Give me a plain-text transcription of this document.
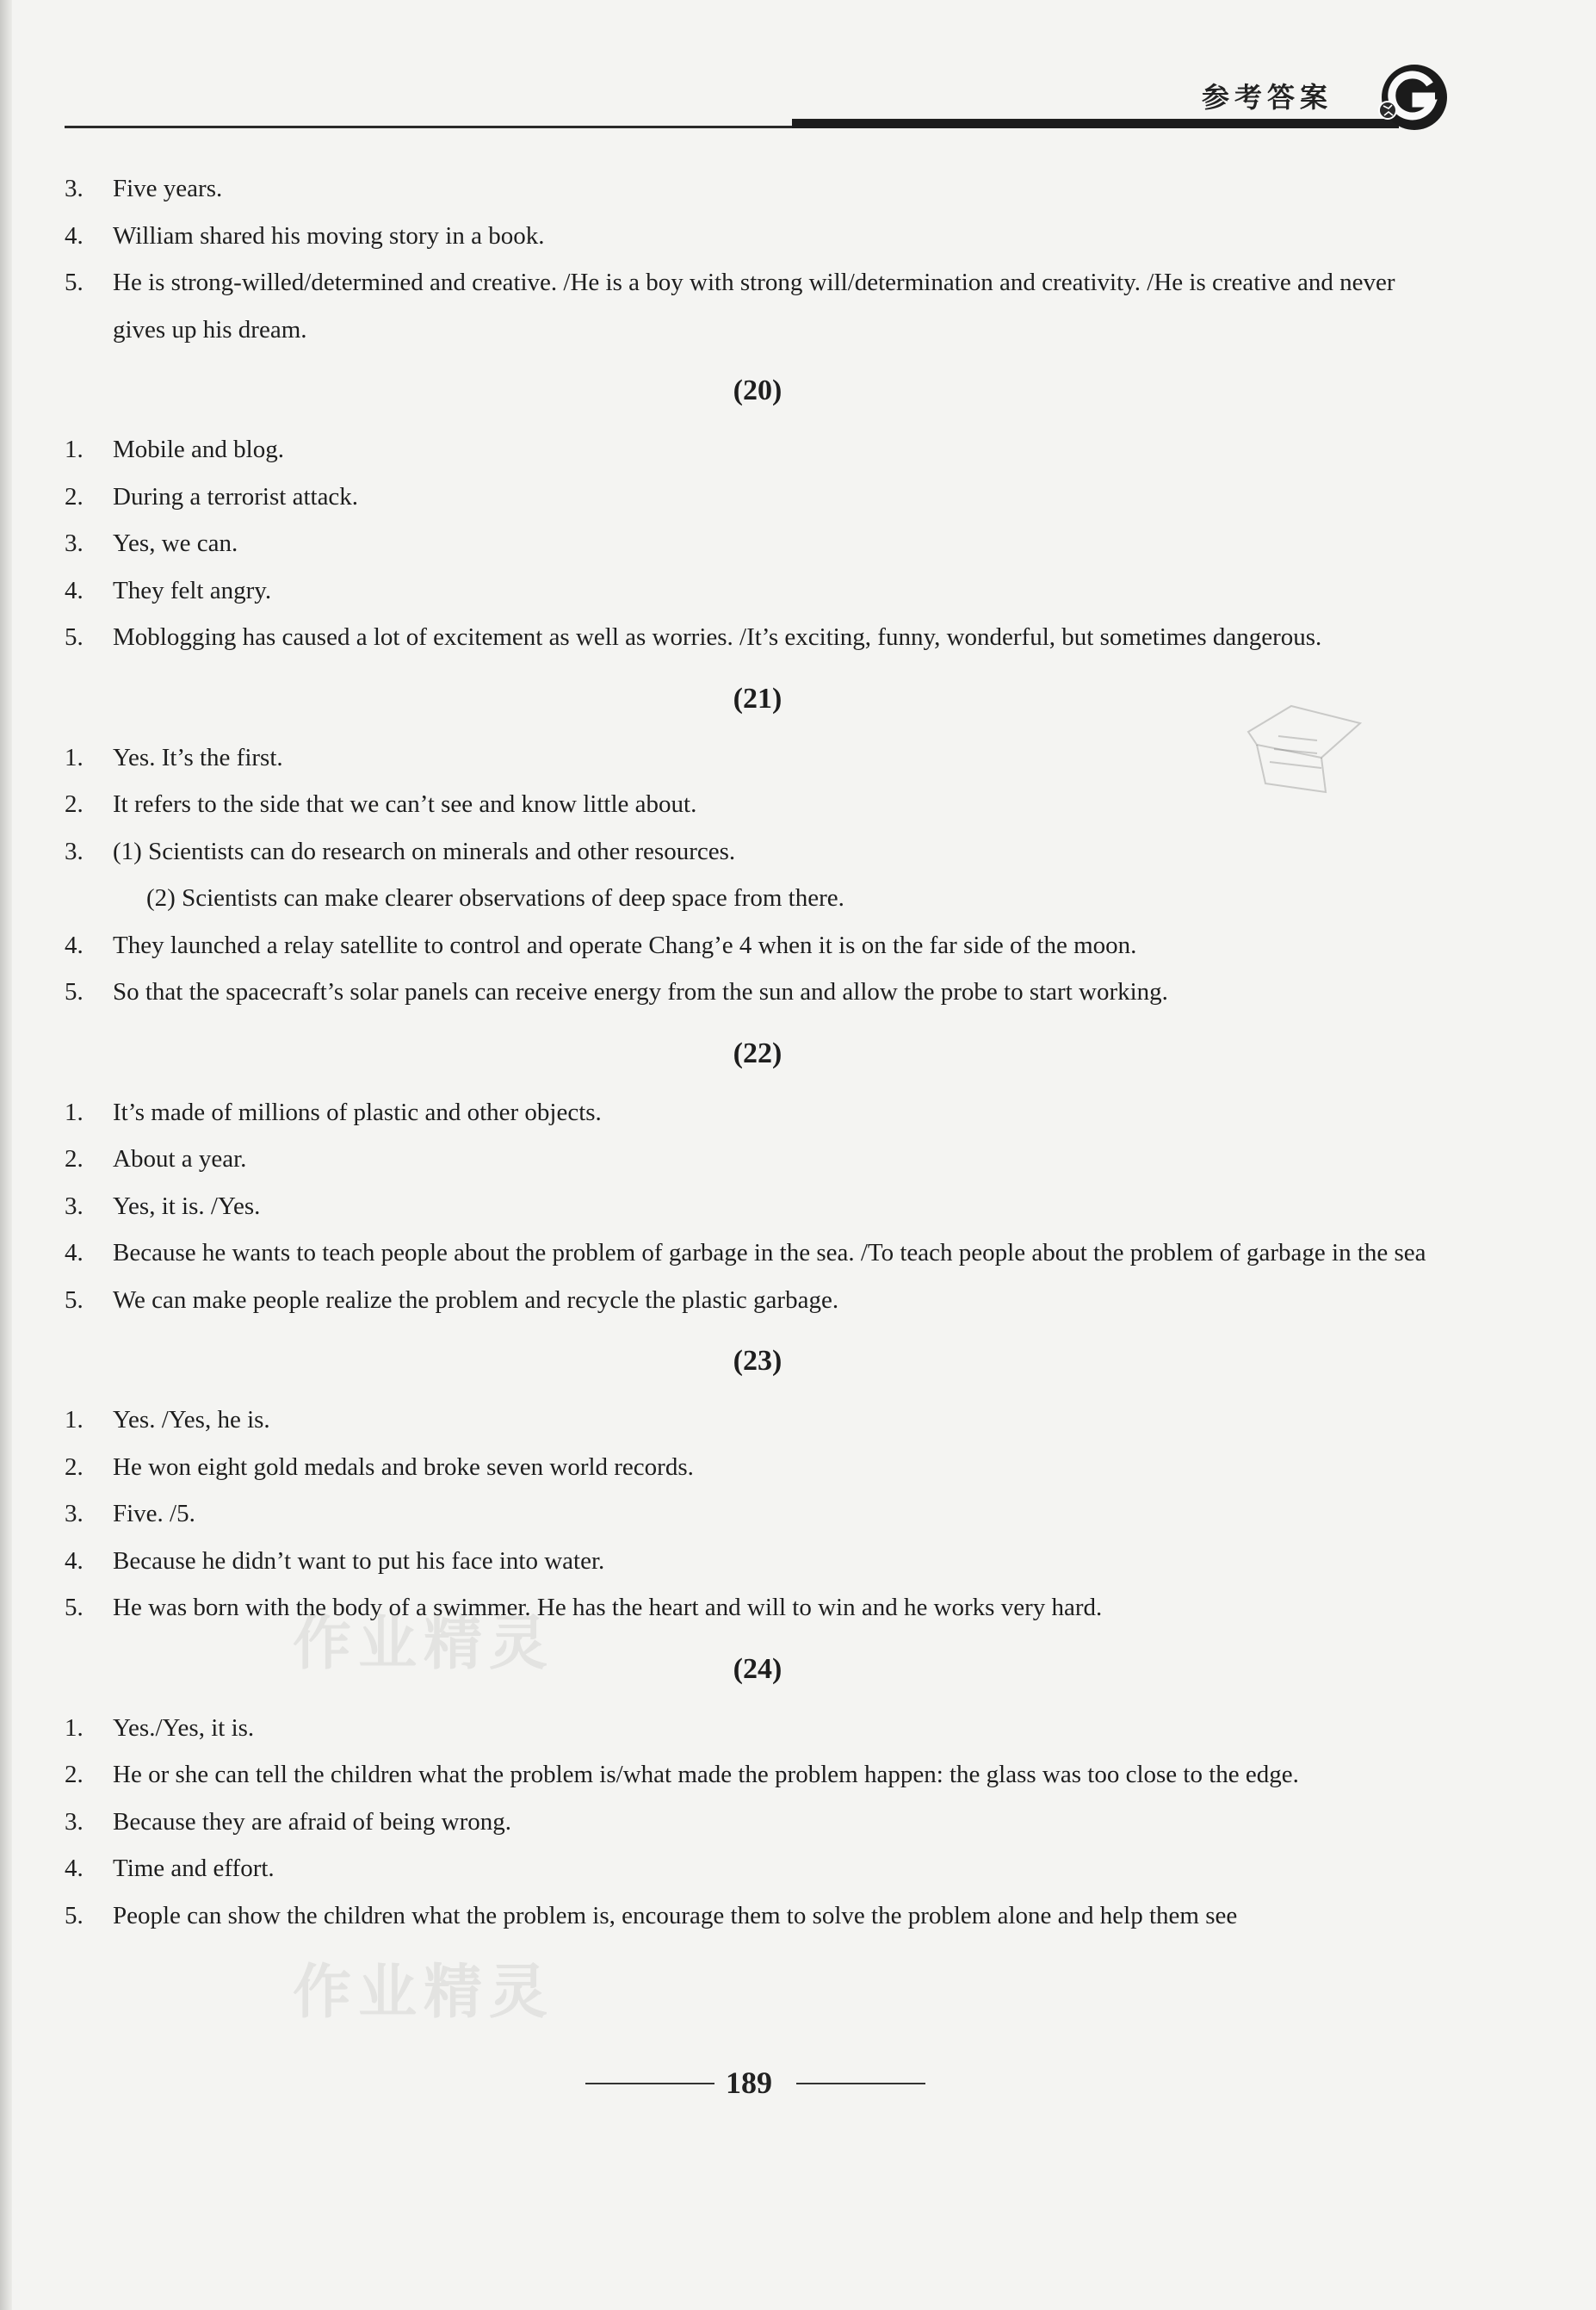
参考答案
作业精灵
作业精灵
3. Five years.
4. William shared his moving story in a book.
5. He is strong-willed/determined and creative. /He is a boy with strong will/determination and creativity. /He is creative and never gives up his dream.
(20)
1. Mobile and blog.
2. During a terrorist attack.
3. Yes, we can.
4. They felt angry.
5. Moblogging has caused a lot of excitement as well as worries. /It’s exciting, funny, wonderful, but sometimes dangerous.
(21)
1. Yes. It’s the first.
2. It refers to the side that we can’t see and know little about.
3. (1) Scientists can do research on minerals and other resources.
(2) Scientists can make clearer observations of deep space from there.
4. They launched a relay satellite to control and operate Chang’e 4 when it is on the far side of the moon.
5. So that the spacecraft’s solar panels can receive energy from the sun and allow the probe to start working.
(22)
1. It’s made of millions of plastic and other objects.
2. About a year.
3. Yes, it is. /Yes.
4. Because he wants to teach people about the problem of garbage in the sea. /To teach people about the problem of garbage in the sea
5. We can make people realize the problem and recycle the plastic garbage.
(23)
1. Yes. /Yes, he is.
2. He won eight gold medals and broke seven world records.
3. Five. /5.
4. Because he didn’t want to put his face into water.
5. He was born with the body of a swimmer. He has the heart and will to win and he works very hard.
(24)
1. Yes./Yes, it is.
2. He or she can tell the children what the problem is/what made the problem happen: the glass was too close to the edge.
3. Because they are afraid of being wrong.
4. Time and effort.
5. People can show the children what the problem is, encourage them to solve the problem alone and help them see
189
